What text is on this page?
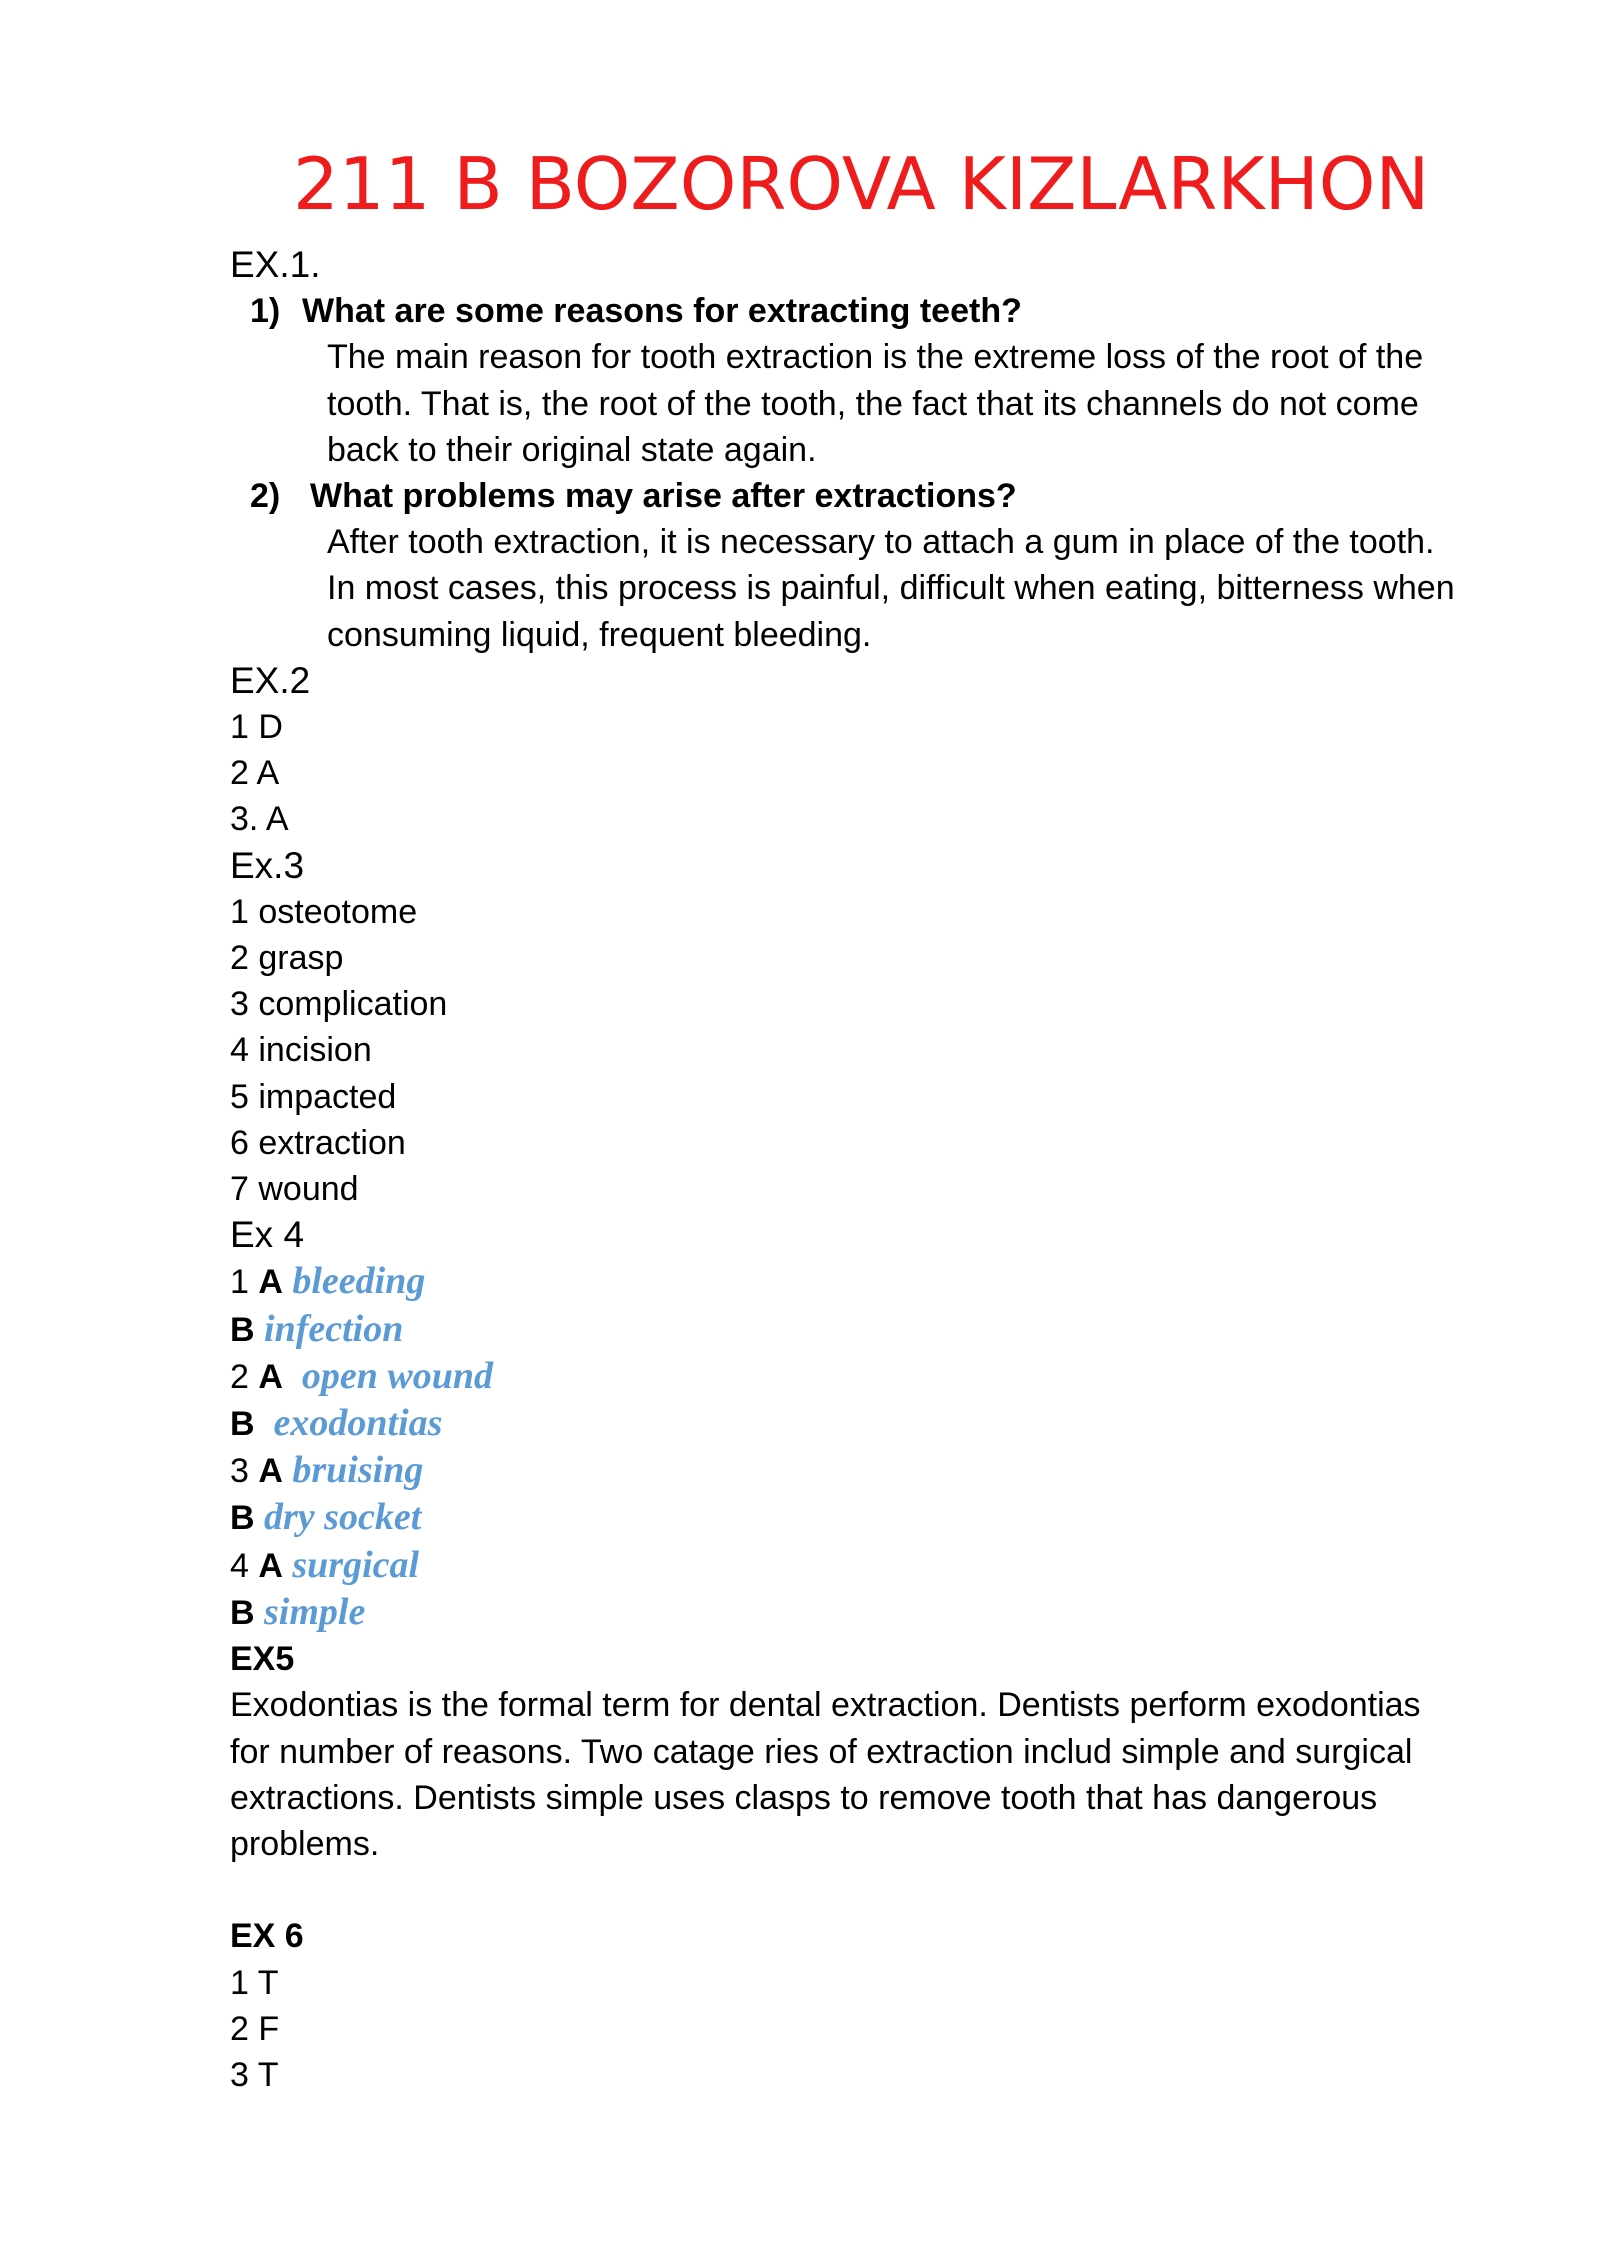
211 B BOZOROVA KIZLARKHON
EX.1.
1) What are some reasons for extracting teeth?
The main reason for tooth extraction is the extreme loss of the root of the
tooth. That is, the root of the tooth, the fact that its channels do not come
back to their original state again.
2) What problems may arise after extractions?
After tooth extraction, it is necessary to attach a gum in place of the tooth.
In most cases, this process is painful, difficult when eating, bitterness when
consuming liquid, frequent bleeding.
EX.2
1 D
2 A
3. A
Ex.3
1 osteotome
2 grasp
3 complication
4 incision
5 impacted
6 extraction
7 wound
Ex 4
1 A bleeding
B infection
2 A  open wound
B  exodontias
3 A bruising
B dry socket
4 A surgical
B simple
EX5
Exodontias is the formal term for dental extraction. Dentists perform exodontias
for number of reasons. Two catage ries of extraction includ simple and surgical
extractions. Dentists simple uses clasps to remove tooth that has dangerous
problems.
EX 6
1 T
2 F
3 T
